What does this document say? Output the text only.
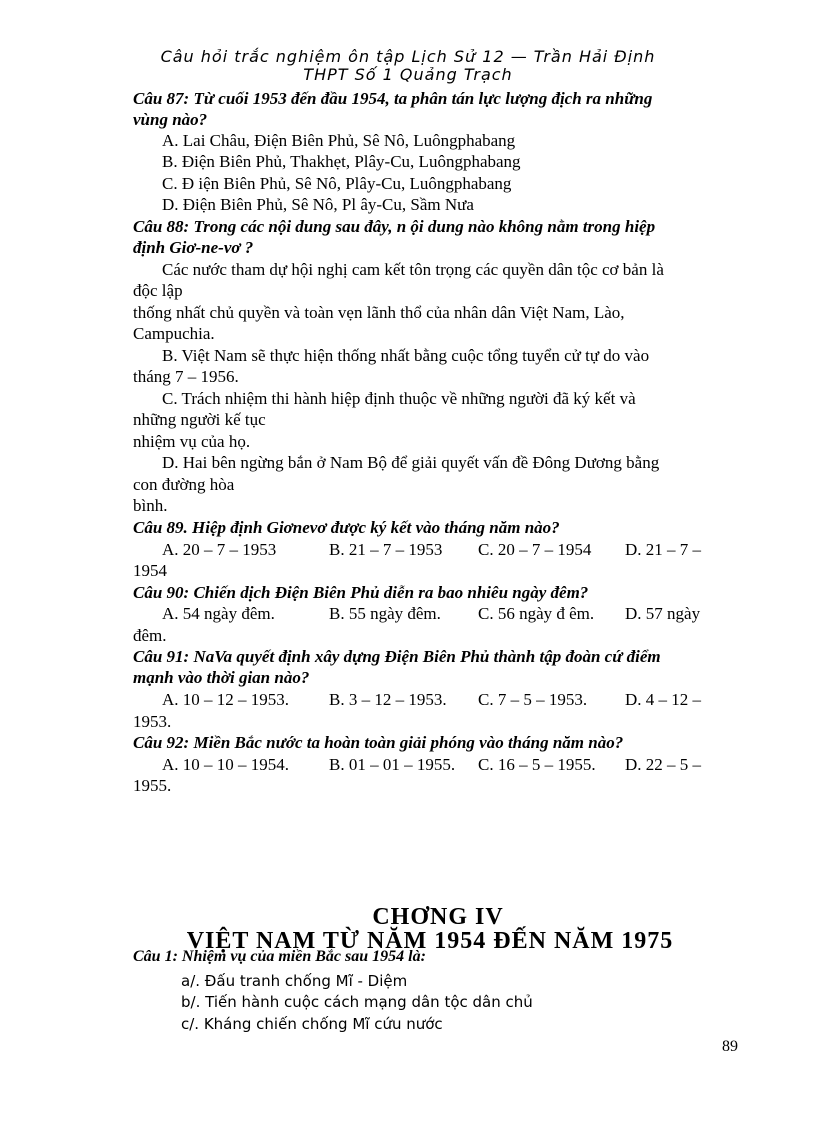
Câu hỏi trắc nghiệm ôn tập Lịch Sử 12 — Trần Hải Định
THPT Số 1 Quảng Trạch
Câu 87: Từ cuối 1953 đến đầu 1954, ta phân tán lực lượng địch ra những
vùng nào?
A. Lai Châu, Điện Biên Phủ, Sê Nô, Luôngphabang
B. Điện Biên Phủ, Thakhẹt, Plây-Cu, Luôngphabang
C. Đ iện Biên Phủ, Sê Nô, Plây-Cu, Luôngphabang
D. Điện Biên Phủ, Sê Nô, Pl ây-Cu, Sầm Nưa
Câu 88: Trong các nội dung sau đây, n ội dung nào không nằm trong hiệp
định Giơ-ne-vơ ?
Các nước tham dự hội nghị cam kết tôn trọng các quyền dân tộc cơ bản là
độc lập
thống nhất chủ quyền và toàn vẹn lãnh thổ của nhân dân Việt Nam, Lào,
Campuchia.
B. Việt Nam sẽ thực hiện thống nhất bằng cuộc tổng tuyển cử tự do vào
tháng 7 – 1956.
C. Trách nhiệm thi hành hiệp định thuộc về những người đã ký kết và
những người kế tục
nhiệm vụ của họ.
D. Hai bên ngừng bắn ở Nam Bộ để giải quyết vấn đề Đông Dương bằng
con đường hòa
bình.
Câu 89. Hiệp định Giơnevơ được ký kết vào tháng năm nào?
A. 20 – 7 – 1953	B. 21 – 7 – 1953 C. 20 – 7 – 1954 D. 21 – 7 –
1954
Câu 90: Chiến dịch Điện Biên Phủ diễn ra bao nhiêu ngày đêm?
A. 54 ngày đêm.	B. 55 ngày đêm. C. 56 ngày đ êm. D. 57 ngày
đêm.
Câu 91: NaVa quyết định xây dựng Điện Biên Phủ thành tập đoàn cứ điểm
mạnh vào thời gian nào?
A. 10 – 12 – 1953. B. 3 – 12 – 1953. C. 7 – 5 – 1953. D. 4 – 12 –
1953.
Câu 92: Miền Bắc nước ta hoàn toàn giải phóng vào tháng năm nào?
A. 10 – 10 – 1954. B. 01 – 01 – 1955. C. 16 – 5 – 1955. D. 22 – 5 –
1955.
CHƠNG IV
VIỆT NAM TỪ NĂM 1954 ĐẾN NĂM 1975
Câu 1: Nhiệm vụ của miền Bắc sau 1954 là:
a/. Đấu tranh chống Mĩ - Diệm
b/. Tiến hành cuộc cách mạng dân tộc dân chủ
c/. Kháng chiến chống Mĩ cứu nước
89
